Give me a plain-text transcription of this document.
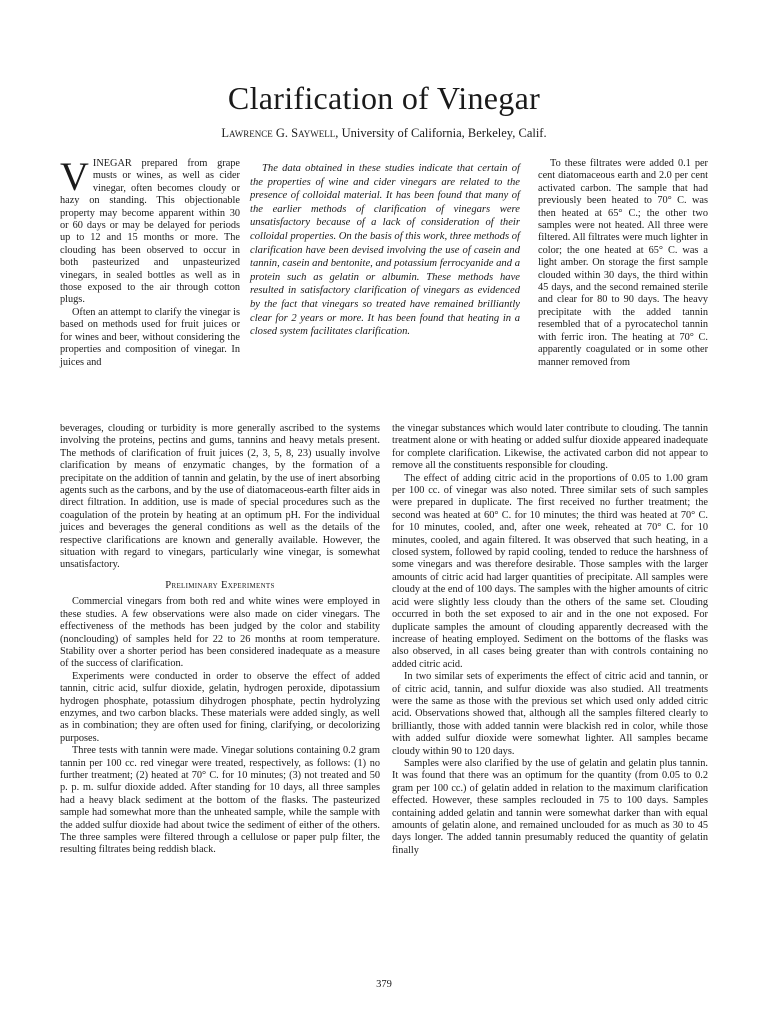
Clarification of Vinegar
Lawrence G. Saywell, University of California, Berkeley, Calif.

VINEGAR prepared from grape musts or wines, as well as cider vinegar, often becomes cloudy or hazy on standing. This objectionable property may become apparent within 30 or 60 days or may be delayed for periods up to 12 and 15 months or more. The clouding has been observed to occur in both pasteurized and unpasteurized vinegars, in sealed bottles as well as in those exposed to the air through cotton plugs.

Often an attempt to clarify the vinegar is based on methods used for fruit juices or for wines and beer, without considering the properties and composition of vinegar. In juices and

The data obtained in these studies indicate that certain of the properties of wine and cider vinegars are related to the presence of colloidal material. It has been found that many of the earlier methods of clarification of vinegars were unsatisfactory because of a lack of consideration of their colloidal properties. On the basis of this work, three methods of clarification have been devised involving the use of casein and tannin, casein and bentonite, and potassium ferrocyanide and a protein such as gelatin or albumin. These methods have resulted in satisfactory clarification of vinegars as evidenced by the fact that vinegars so treated have remained brilliantly clear for 2 years or more. It has been found that heating in a closed system facilitates clarification.

To these filtrates were added 0.1 per cent diatomaceous earth and 2.0 per cent activated carbon. The sample that had previously been heated to 70° C. was then heated at 65° C.; the other two samples were not heated. All three were filtered. All filtrates were much lighter in color; the one heated at 65° C. was a light amber. On storage the first sample clouded within 30 days, the third within 45 days, and the second remained sterile and clear for 80 to 90 days. The heavy precipitate with the added tannin resembled that of a pyrocatechol tannin with ferric iron. The heating at 70° C. apparently coagulated or in some other manner removed from

beverages, clouding or turbidity is more generally ascribed to the systems involving the proteins, pectins and gums, tannins and heavy metals present. The methods of clarification of fruit juices (2, 3, 5, 8, 23) usually involve clarification by means of enzymatic changes, by the formation of a precipitate on the addition of tannin and gelatin, by the use of inert absorbing agents such as the carbons, and by the use of diatomaceous-earth filter aids in direct filtration. In addition, use is made of special procedures such as the coagulation of the protein by heating at an optimum pH. For the individual juices and beverages the general conditions as well as the details of the respective clarifications are known and generally available. However, the situation with regard to vinegars, particularly wine vinegar, is somewhat unsatisfactory.

Preliminary Experiments

Commercial vinegars from both red and white wines were employed in these studies. A few observations were also made on cider vinegars. The effectiveness of the methods has been judged by the color and stability (nonclouding) of samples held for 22 to 26 months at room temperature. Stability over a shorter period has been considered inadequate as a measure of the success of clarification.

Experiments were conducted in order to observe the effect of added tannin, citric acid, sulfur dioxide, gelatin, hydrogen peroxide, dipotassium hydrogen phosphate, potassium dihydrogen phosphate, pectin hydrolyzing enzymes, and two carbon blacks. These materials were added singly, as well as in combination; they are often used for fining, clarifying, or decolorizing purposes.

Three tests with tannin were made. Vinegar solutions containing 0.2 gram tannin per 100 cc. red vinegar were treated, respectively, as follows: (1) no further treatment; (2) heated at 70° C. for 10 minutes; (3) not treated and 50 p. p. m. sulfur dioxide added. After standing for 10 days, all three samples had a heavy black sediment at the bottom of the flasks. The pasteurized sample had somewhat more than the unheated sample, while the sample with the added sulfur dioxide had about twice the sediment of either of the others. The three samples were filtered through a cellulose or paper pulp filter, the resulting filtrates being reddish black.

the vinegar substances which would later contribute to clouding. The tannin treatment alone or with heating or added sulfur dioxide appeared inadequate for complete clarification. Likewise, the activated carbon did not appear to remove all the constituents responsible for clouding.

The effect of adding citric acid in the proportions of 0.05 to 1.00 gram per 100 cc. of vinegar was also noted. Three similar sets of such samples were prepared in duplicate. The first received no further treatment; the second was heated at 60° C. for 10 minutes; the third was heated at 70° C. for 10 minutes, cooled, and, after one week, reheated at 70° C. for 10 minutes, cooled, and again filtered. It was observed that such heating, in a closed system, followed by rapid cooling, tended to reduce the harshness of some vinegars and was therefore desirable. Those samples with the larger amounts of citric acid had larger quantities of precipitate. All samples were cloudy at the end of 100 days. The samples with the higher amounts of citric acid were slightly less cloudy than the others of the same set. Clouding occurred in both the set exposed to air and in the one not exposed. For duplicate samples the amount of clouding apparently decreased with the increase of heating employed. Sediment on the bottoms of the flasks was also observed, in all cases being greater than with controls containing no added citric acid.

In two similar sets of experiments the effect of citric acid and tannin, or of citric acid, tannin, and sulfur dioxide was also studied. All treatments were the same as those with the previous set which used only added citric acid. Observations showed that, although all the samples filtered clearly to brilliantly, those with added tannin were blackish red in color, while those with added sulfur dioxide were somewhat lighter. All samples became cloudy within 90 to 120 days.

Samples were also clarified by the use of gelatin and gelatin plus tannin. It was found that there was an optimum for the quantity (from 0.05 to 0.2 gram per 100 cc.) of gelatin added in relation to the maximum clarification effected. However, these samples reclouded in 75 to 100 days. Samples containing added gelatin and tannin were somewhat darker than with equal amounts of gelatin alone, and remained unclouded for as much as 30 to 45 days longer. The added tannin presumably reduced the quantity of gelatin finally

379
